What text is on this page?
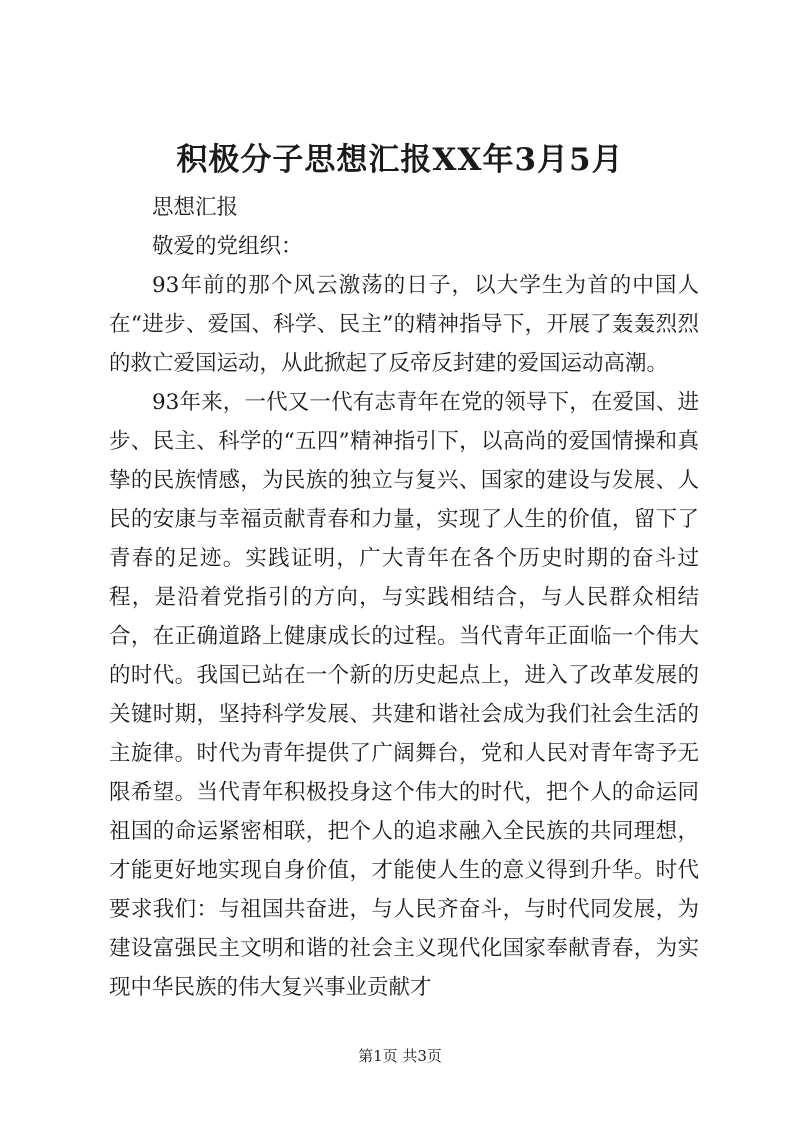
积极分子思想汇报XX年3月5月

思想汇报

敬爱的党组织：

93年前的那个风云激荡的日子，以大学生为首的中国人在“进步、爱国、科学、民主”的精神指导下，开展了轰轰烈烈的救亡爱国运动，从此掀起了反帝反封建的爱国运动高潮。

93年来，一代又一代有志青年在党的领导下，在爱国、进步、民主、科学的“五四”精神指引下，以高尚的爱国情操和真挚的民族情感，为民族的独立与复兴、国家的建设与发展、人民的安康与幸福贡献青春和力量，实现了人生的价值，留下了青春的足迹。实践证明，广大青年在各个历史时期的奋斗过程，是沿着党指引的方向，与实践相结合，与人民群众相结合，在正确道路上健康成长的过程。当代青年正面临一个伟大的时代。我国已站在一个新的历史起点上，进入了改革发展的关键时期，坚持科学发展、共建和谐社会成为我们社会生活的主旋律。时代为青年提供了广阔舞台，党和人民对青年寄予无限希望。当代青年积极投身这个伟大的时代，把个人的命运同祖国的命运紧密相联，把个人的追求融入全民族的共同理想，才能更好地实现自身价值，才能使人生的意义得到升华。时代要求我们：与祖国共奋进，与人民齐奋斗，与时代同发展，为建设富强民主文明和谐的社会主义现代化国家奉献青春，为实现中华民族的伟大复兴事业贡献才

第1页 共3页
